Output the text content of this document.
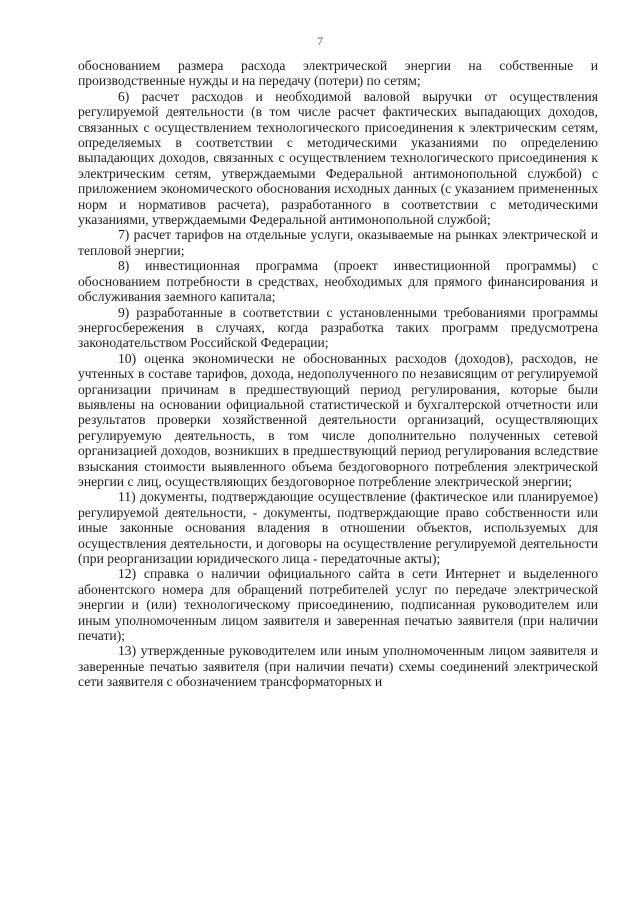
7

обоснованием размера расхода электрической энергии на собственные и производственные нужды и на передачу (потери) по сетям;

6) расчет расходов и необходимой валовой выручки от осуществления регулируемой деятельности (в том числе расчет фактических выпадающих доходов, связанных с осуществлением технологического присоединения к электрическим сетям, определяемых в соответствии с методическими указаниями по определению выпадающих доходов, связанных с осуществлением технологического присоединения к электрическим сетям, утверждаемыми Федеральной антимонопольной службой) с приложением экономического обоснования исходных данных (с указанием примененных норм и нормативов расчета), разработанного в соответствии с методическими указаниями, утверждаемыми Федеральной антимонопольной службой;

7) расчет тарифов на отдельные услуги, оказываемые на рынках электрической и тепловой энергии;

8) инвестиционная программа (проект инвестиционной программы) с обоснованием потребности в средствах, необходимых для прямого финансирования и обслуживания заемного капитала;

9) разработанные в соответствии с установленными требованиями программы энергосбережения в случаях, когда разработка таких программ предусмотрена законодательством Российской Федерации;

10) оценка экономически не обоснованных расходов (доходов), расходов, не учтенных в составе тарифов, дохода, недополученного по независящим от регулируемой организации причинам в предшествующий период регулирования, которые были выявлены на основании официальной статистической и бухгалтерской отчетности или результатов проверки хозяйственной деятельности организаций, осуществляющих регулируемую деятельность, в том числе дополнительно полученных сетевой организацией доходов, возникших в предшествующий период регулирования вследствие взыскания стоимости выявленного объема бездоговорного потребления электрической энергии с лиц, осуществляющих бездоговорное потребление электрической энергии;

11) документы, подтверждающие осуществление (фактическое или планируемое) регулируемой деятельности, - документы, подтверждающие право собственности или иные законные основания владения в отношении объектов, используемых для осуществления деятельности, и договоры на осуществление регулируемой деятельности (при реорганизации юридического лица - передаточные акты);

12) справка о наличии официального сайта в сети Интернет и выделенного абонентского номера для обращений потребителей услуг по передаче электрической энергии и (или) технологическому присоединению, подписанная руководителем или иным уполномоченным лицом заявителя и заверенная печатью заявителя (при наличии печати);

13) утвержденные руководителем или иным уполномоченным лицом заявителя и заверенные печатью заявителя (при наличии печати) схемы соединений электрической сети заявителя с обозначением трансформаторных и
